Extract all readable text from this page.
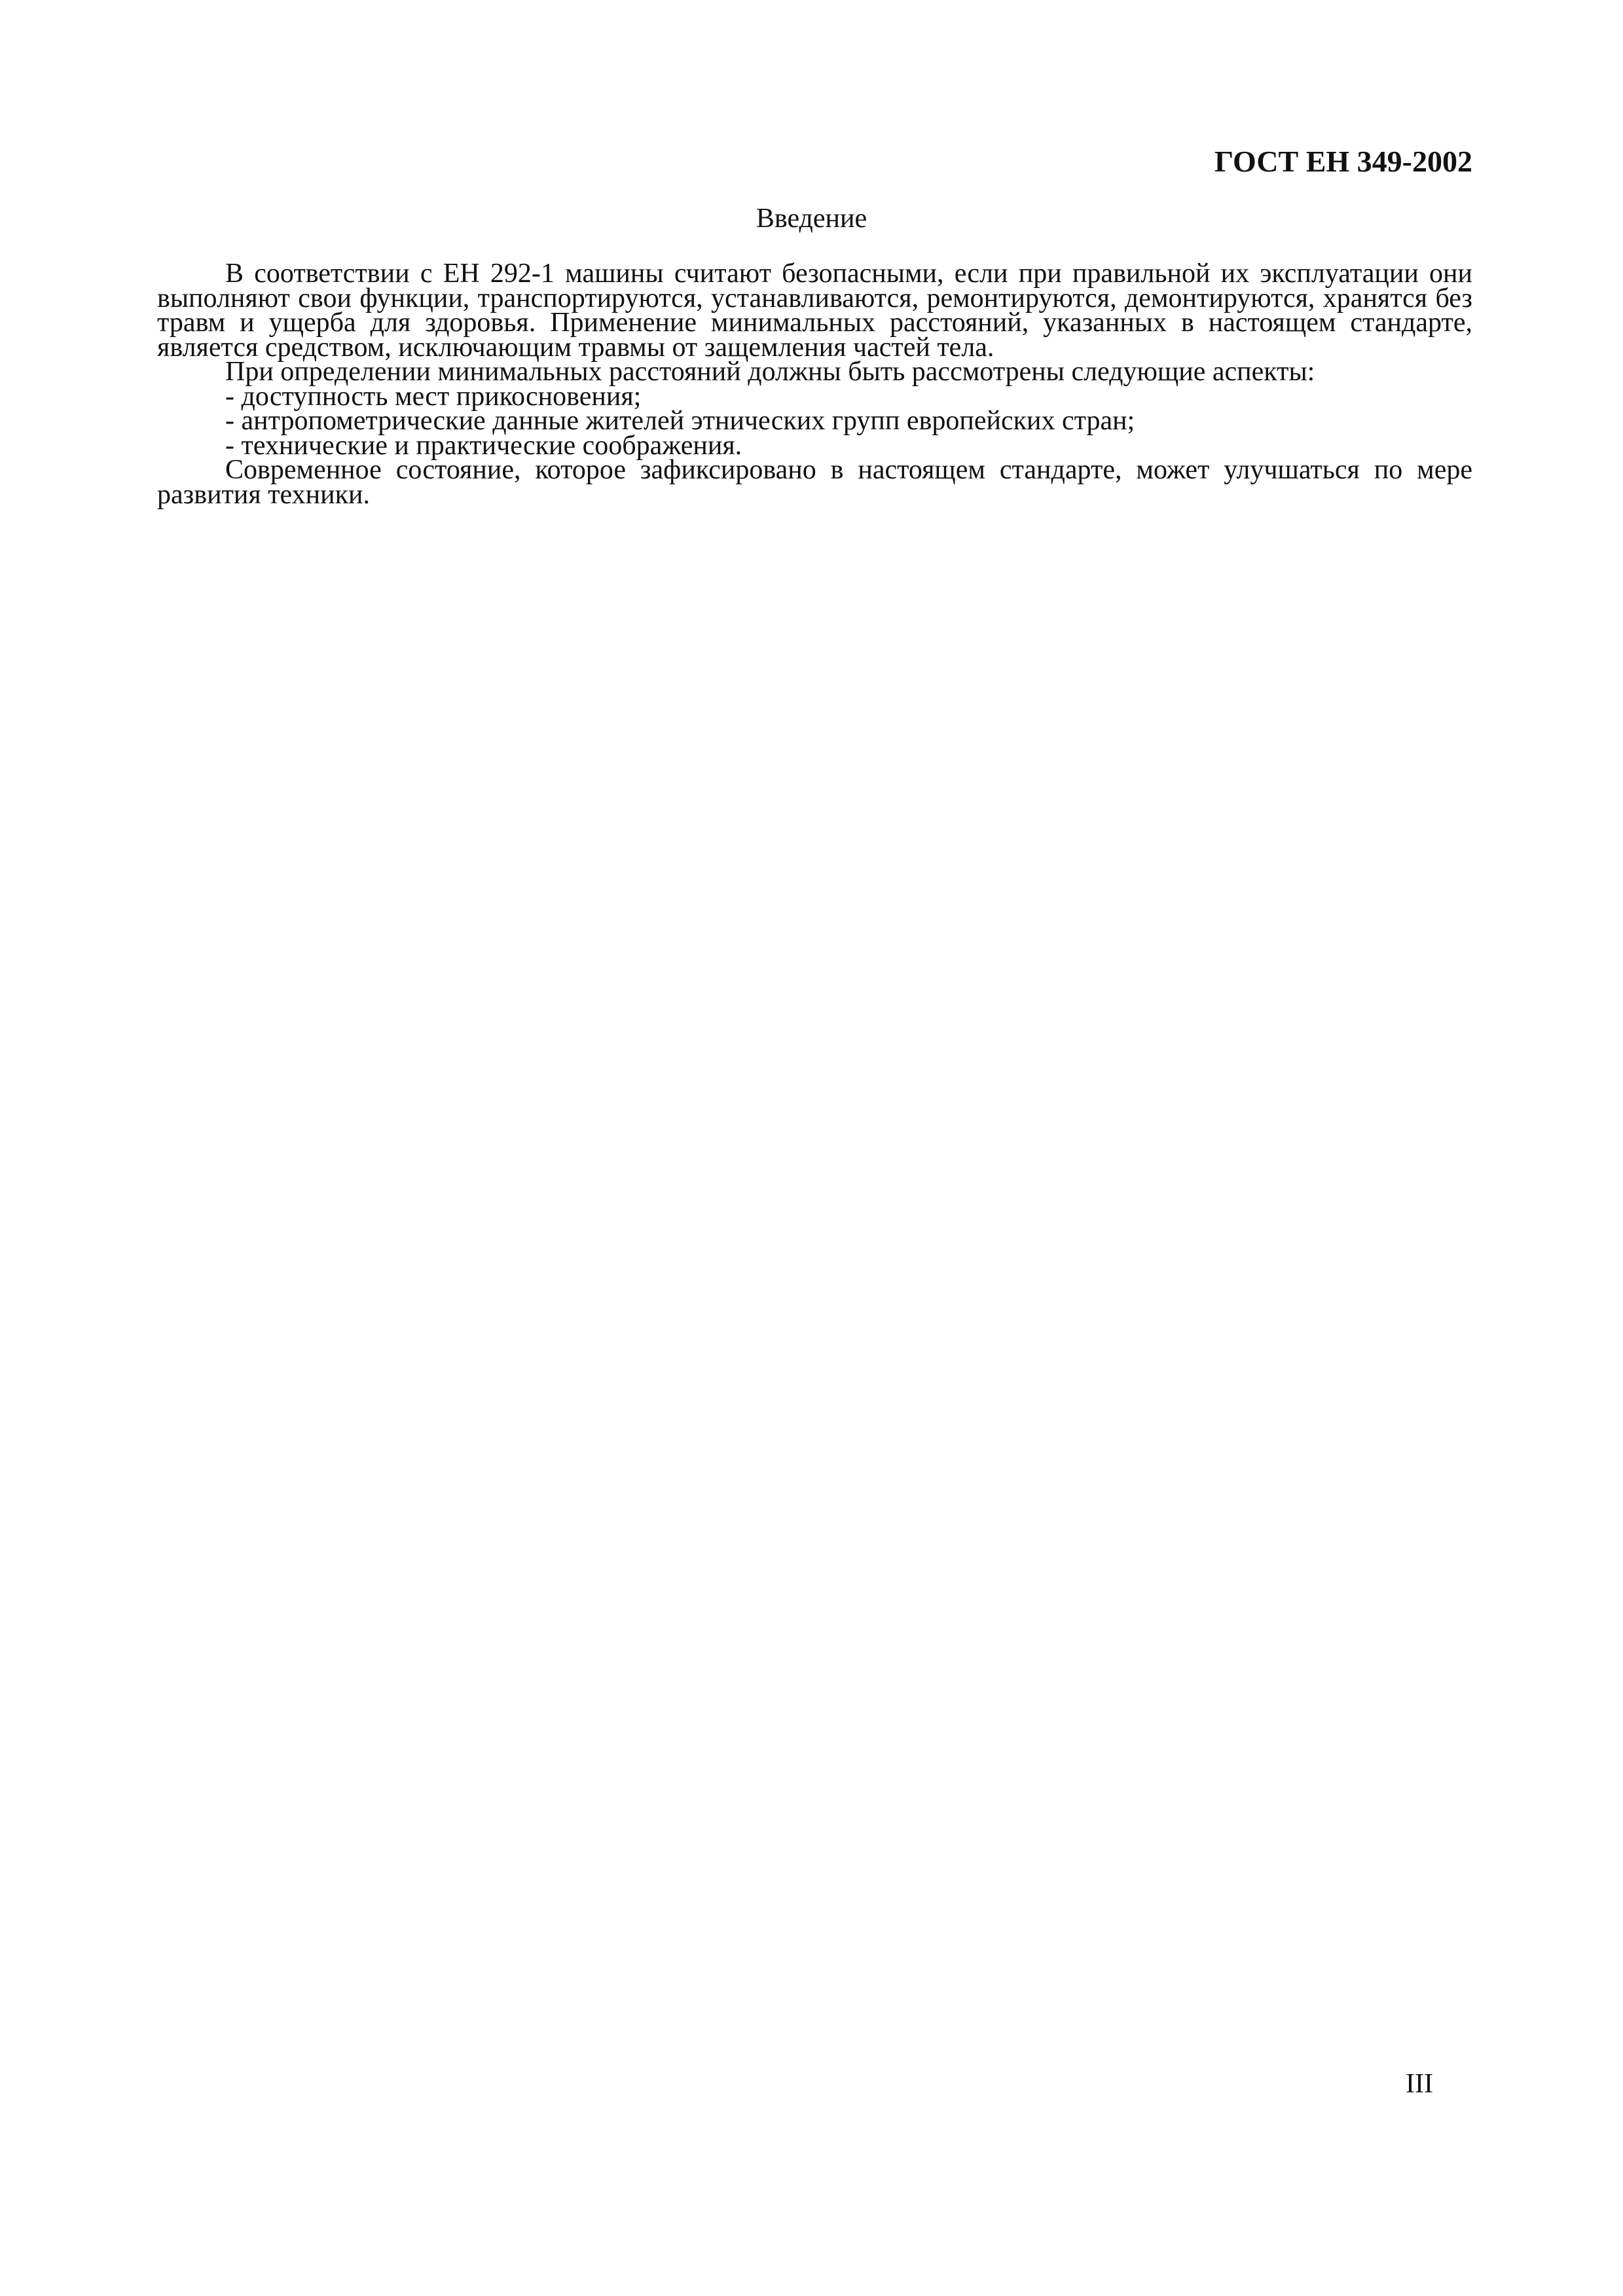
ГОСТ ЕН 349-2002
Введение

В соответствии с ЕН 292-1 машины считают безопасными, если при правильной их эксплуатации они выполняют свои функции, транспортируются, устанавливаются, ремонтируются, демонтируются, хранятся без травм и ущерба для здоровья. Применение минимальных расстояний, указанных в настоящем стандарте, является средством, исключающим травмы от защемления частей тела.

При определении минимальных расстояний должны быть рассмотрены следующие аспекты:

- доступность мест прикосновения;

- антропометрические данные жителей этнических групп европейских стран;

- технические и практические соображения.

Современное состояние, которое зафиксировано в настоящем стандарте, может улучшаться по мере развития техники.

III
